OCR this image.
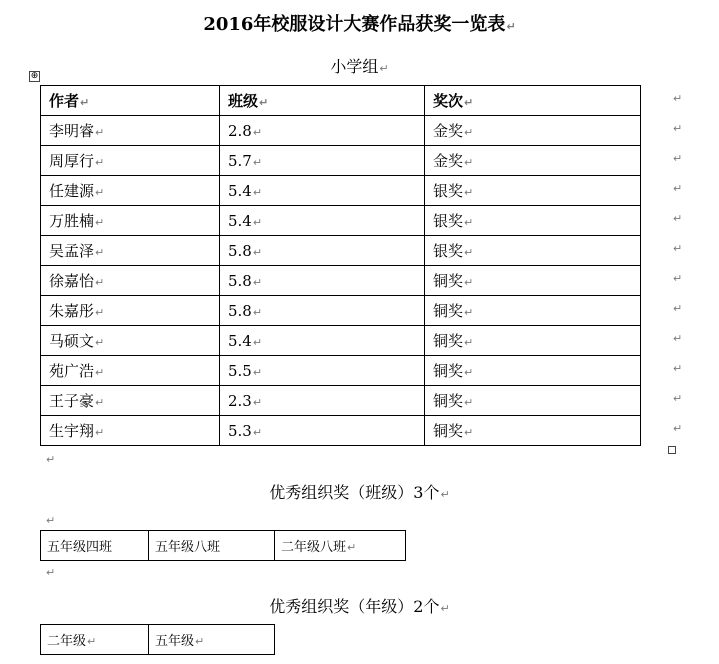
2016年校服设计大赛作品获奖一览表↵
小学组↵
⊕
作者↵	班级↵	奖次↵
李明睿↵	2.8↵	金奖↵
周厚行↵	5.7↵	金奖↵
任建源↵	5.4↵	银奖↵
万胜楠↵	5.4↵	银奖↵
吴孟泽↵	5.8↵	银奖↵
徐嘉怡↵	5.8↵	铜奖↵
朱嘉彤↵	5.8↵	铜奖↵
马硕文↵	5.4↵	铜奖↵
苑广浩↵	5.5↵	铜奖↵
王子豪↵	2.3↵	铜奖↵
生宇翔↵	5.3↵	铜奖↵
↵
↵
↵
↵
↵
↵
↵
↵
↵
↵
↵
↵
↵
优秀组织奖（班级）3个↵
↵
五年级四班	五年级八班	二年级八班↵
↵
优秀组织奖（年级）2个↵
二年级↵	五年级↵
